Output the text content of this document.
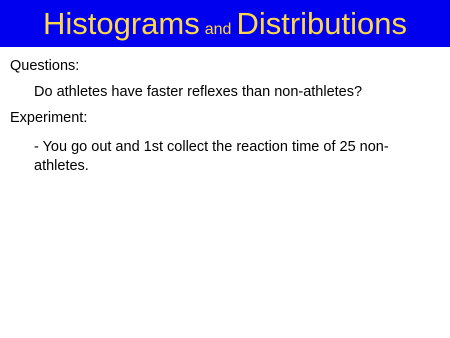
Histograms and Distributions
Questions:
Do athletes have faster reflexes than non-athletes?
Experiment:
- You go out and 1st collect the reaction time of 25 non-athletes.
